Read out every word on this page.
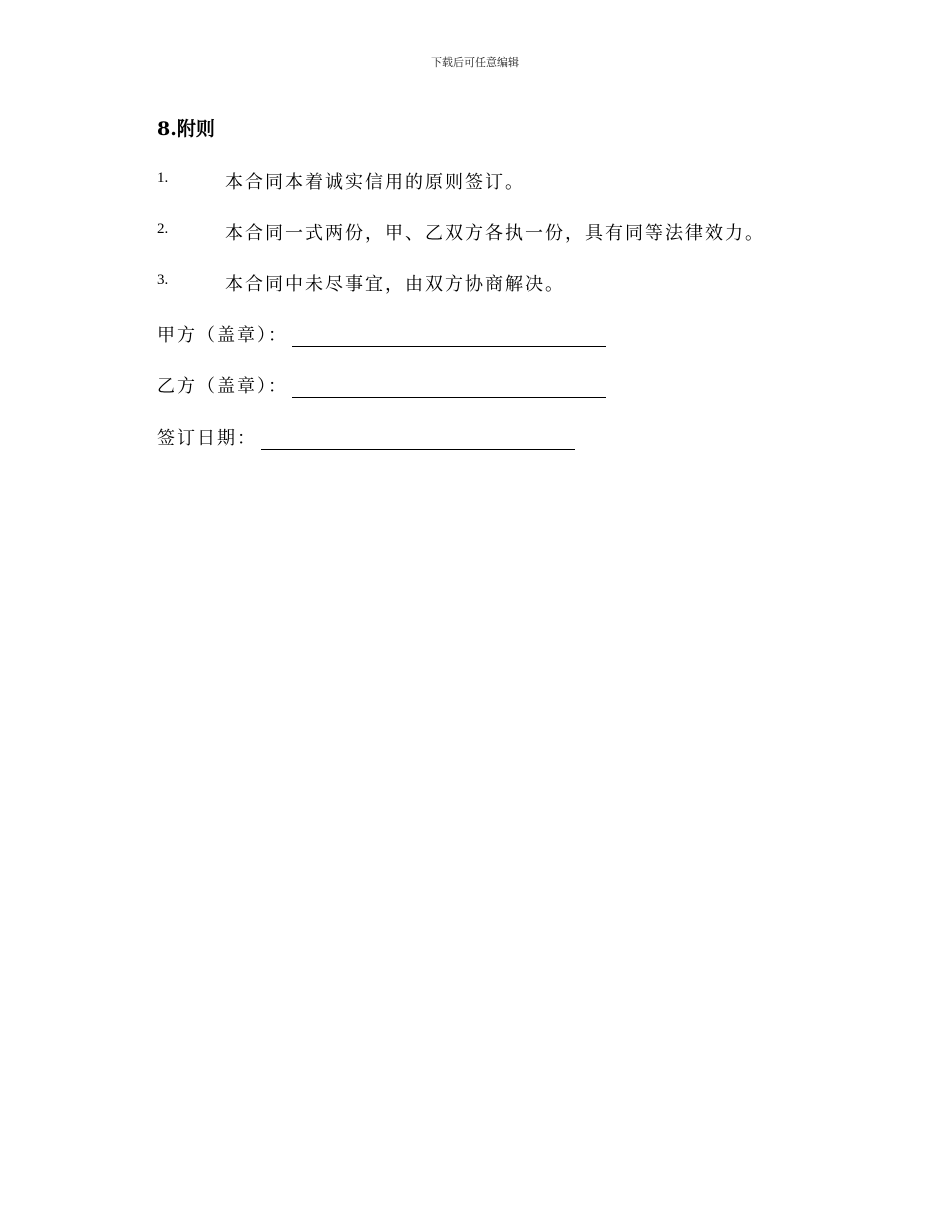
下载后可任意编辑
8.附则
1.	本合同本着诚实信用的原则签订。
2.	本合同一式两份，甲、乙双方各执一份，具有同等法律效力。
3.	本合同中未尽事宜，由双方协商解决。
甲方（盖章）：
乙方（盖章）：
签订日期：
